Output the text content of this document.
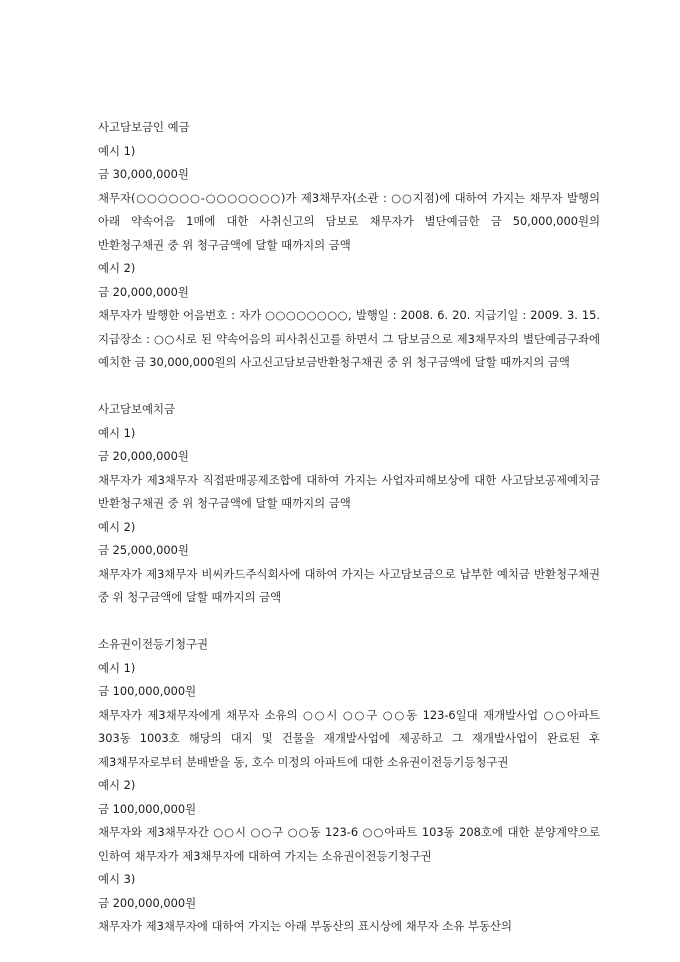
사고담보금인 예금
예시 1)
금 30,000,000원
채무자(○○○○○○-○○○○○○○)가 제3채무자(소관 : ○○지점)에 대하여 가지는 채무자 발행의 아래 약속어음 1매에 대한 사취신고의 담보로 채무자가 별단예금한 금 50,000,000원의 반환청구채권 중 위 청구금액에 달할 때까지의 금액
예시 2)
금 20,000,000원
채무자가 발행한 어음번호 : 자가 ○○○○○○○○, 발행일 : 2008. 6. 20. 지급기일 : 2009. 3. 15. 지급장소 : ○○시로 된 약속어음의 피사취신고를 하면서 그 담보금으로 제3채무자의 별단예금구좌에 예치한 금 30,000,000원의 사고신고담보금반환청구채권 중 위 청구금액에 달할 때까지의 금액
사고담보예치금
예시 1)
금 20,000,000원
채무자가 제3채무자 직접판매공제조합에 대하여 가지는 사업자피해보상에 대한 사고담보공제예치금 반환청구채권 중 위 청구금액에 달할 때까지의 금액
예시 2)
금 25,000,000원
채무자가 제3채무자 비씨카드주식회사에 대하여 가지는 사고담보금으로 납부한 예치금 반환청구채권 중 위 청구금액에 달할 때까지의 금액
소유권이전등기청구권
예시 1)
금 100,000,000원
채무자가 제3채무자에게 채무자 소유의 ○○시 ○○구 ○○동 123-6일대 재개발사업 ○○아파트 303동 1003호 해당의 대지 및 건물을 재개발사업에 제공하고 그 재개발사업이 완료된 후 제3채무자로부터 분배받을 동, 호수 미정의 아파트에 대한 소유권이전등기등청구권
예시 2)
금 100,000,000원
채무자와 제3채무자간 ○○시 ○○구 ○○동 123-6 ○○아파트 103동 208호에 대한 분양계약으로 인하여 채무자가 제3채무자에 대하여 가지는 소유권이전등기청구권
예시 3)
금 200,000,000원
채무자가 제3채무자에 대하여 가지는 아래 부동산의 표시상에 채무자 소유 부동산의
